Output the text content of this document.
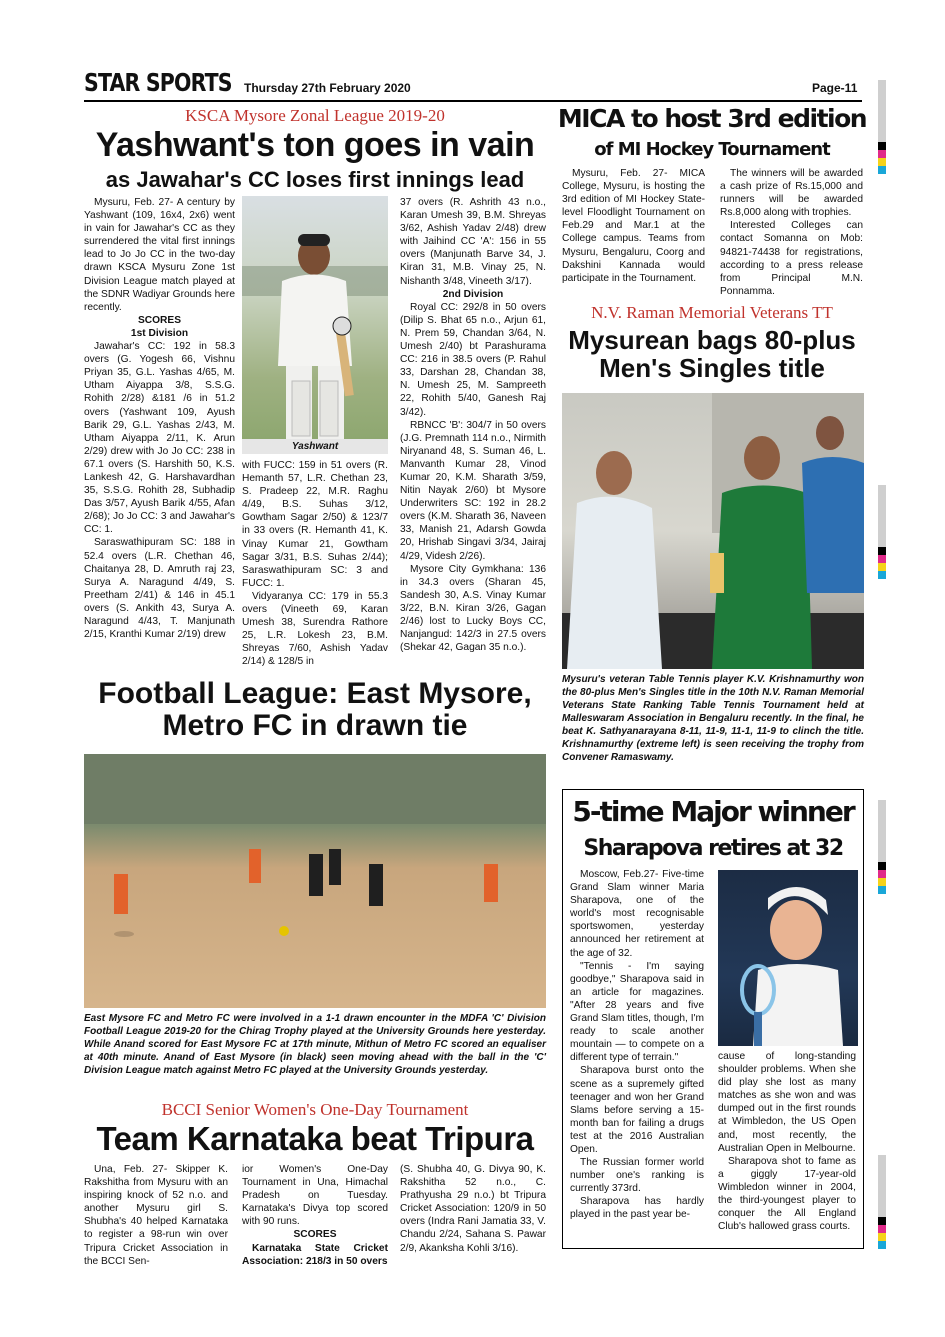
STAR SPORTS Thursday 27th February 2020	Page-11
KSCA Mysore Zonal League 2019-20
Yashwant's ton goes in vain
as Jawahar's CC loses first innings lead

Mysuru, Feb. 27- A century by Yashwant (109, 16x4, 2x6) went in vain for Jawahar's CC as they surrendered the vital first innings lead to Jo Jo CC in the two-day drawn KSCA Mysuru Zone 1st Division League match played at the SDNR Wadiyar Grounds here recently.

SCORES

1st Division

Jawahar's CC: 192 in 58.3 overs (G. Yogesh 66, Vishnu Priyan 35, G.L. Yashas 4/65, M. Utham Aiyappa 3/8, S.S.G. Rohith 2/28) &181 /6 in 51.2 overs (Yashwant 109, Ayush Barik 29, G.L. Yashas 2/43, M. Utham Aiyappa 2/11, K. Arun 2/29) drew with Jo Jo CC: 238 in 67.1 overs (S. Harshith 50, K.S. Lankesh 42, G. Harshavardhan 35, S.S.G. Rohith 28, Subhadip Das 3/57, Ayush Barik 4/55, Afan 2/68); Jo Jo CC: 3 and Jawahar's CC: 1.

Saraswathipuram SC: 188 in 52.4 overs (L.R. Chethan 46, Chaitanya 28, D. Amruth raj 23, Surya A. Naragund 4/49, S. Preetham 2/41) & 146 in 45.1 overs (S. Ankith 43, Surya A. Naragund 4/43, T. Manjunath 2/15, Kranthi Kumar 2/19) drew

Yashwant

with FUCC: 159 in 51 overs (R. Hemanth 57, L.R. Chethan 23, S. Pradeep 22, M.R. Raghu 4/49, B.S. Suhas 3/12, Gowtham Sagar 2/50) & 123/7 in 33 overs (R. Hemanth 41, K. Vinay Kumar 21, Gowtham Sagar 3/31, B.S. Suhas 2/44); Saraswathipuram SC: 3 and FUCC: 1.

Vidyaranya CC: 179 in 55.3 overs (Vineeth 69, Karan Umesh 38, Surendra Rathore 25, L.R. Lokesh 23, B.M. Shreyas 7/60, Ashish Yadav 2/14) & 128/5 in

37 overs (R. Ashrith 43 n.o., Karan Umesh 39, B.M. Shreyas 3/62, Ashish Yadav 2/48) drew with Jaihind CC 'A': 156 in 55 overs (Manjunath Barve 34, J. Kiran 31, M.B. Vinay 25, N. Nishanth 3/48, Vineeth 3/17).

2nd Division

Royal CC: 292/8 in 50 overs (Dilip S. Bhat 65 n.o., Arjun 61, N. Prem 59, Chandan 3/64, N. Umesh 2/40) bt Parashurama CC: 216 in 38.5 overs (P. Rahul 33, Darshan 28, Chandan 38, N. Umesh 25, M. Sampreeth 22, Rohith 5/40, Ganesh Raj 3/42).

RBNCC 'B': 304/7 in 50 overs (J.G. Premnath 114 n.o., Nirmith Niryanand 48, S. Suman 46, L. Manvanth Kumar 28, Vinod Kumar 20, K.M. Sharath 3/59, Nitin Nayak 2/60) bt Mysore Underwriters SC: 192 in 28.2 overs (K.M. Sharath 36, Naveen 33, Manish 21, Adarsh Gowda 20, Hrishab Singavi 3/34, Jairaj 4/29, Videsh 2/26).

Mysore City Gymkhana: 136 in 34.3 overs (Sharan 45, Sandesh 30, A.S. Vinay Kumar 3/22, B.N. Kiran 3/26, Gagan 2/46) lost to Lucky Boys CC, Nanjangud: 142/3 in 27.5 overs (Shekar 42, Gagan 35 n.o.).

MICA to host 3rd edition
of MI Hockey Tournament

Mysuru, Feb. 27- MICA College, Mysuru, is hosting the 3rd edition of MI Hockey State-level Floodlight Tournament on Feb.29 and Mar.1 at the College campus. Teams from Mysuru, Bengaluru, Coorg and Dakshini Kannada would participate in the Tournament.

The winners will be awarded a cash prize of Rs.15,000 and runners will be awarded Rs.8,000 along with trophies.

Interested Colleges can contact Somanna on Mob: 94821-74438 for registrations, according to a press release from Principal M.N. Ponnamma.

N.V. Raman Memorial Veterans TT
Mysurean bags 80-plus Men's Singles title
Mysuru's veteran Table Tennis player K.V. Krishnamurthy won the 80-plus Men's Singles title in the 10th N.V. Raman Memorial Veterans State Ranking Table Tennis Tournament held at Malleswaram Association in Bengaluru recently. In the final, he beat K. Sathyanarayana 8-11, 11-9, 11-1, 11-9 to clinch the title. Krishnamurthy (extreme left) is seen receiving the trophy from Convener Ramaswamy.
Football League: East Mysore, Metro FC in drawn tie
East Mysore FC and Metro FC were involved in a 1-1 drawn encounter in the MDFA 'C' Division Football League 2019-20 for the Chirag Trophy played at the University Grounds here yesterday. While Anand scored for East Mysore FC at 17th minute, Mithun of Metro FC scored an equaliser at 40th minute. Anand of East Mysore (in black) seen moving ahead with the ball in the 'C' Division League match against Metro FC played at the University Grounds yesterday.
5-time Major winner
Sharapova retires at 32

Moscow, Feb.27- Five-time Grand Slam winner Maria Sharapova, one of the world's most recognisable sportswomen, yesterday announced her retirement at the age of 32.

"Tennis - I'm saying goodbye," Sharapova said in an article for magazines. "After 28 years and five Grand Slam titles, though, I'm ready to scale another mountain — to compete on a different type of terrain."

Sharapova burst onto the scene as a supremely gifted teenager and won her Grand Slams before serving a 15-month ban for failing a drugs test at the 2016 Australian Open.

The Russian former world number one's ranking is currently 373rd.

Sharapova has hardly played in the past year be-

cause of long-standing shoulder problems. When she did play she lost as many matches as she won and was dumped out in the first rounds at Wimbledon, the US Open and, most recently, the Australian Open in Melbourne.

Sharapova shot to fame as a giggly 17-year-old Wimbledon winner in 2004, the third-youngest player to conquer the All England Club's hallowed grass courts.

BCCI Senior Women's One-Day Tournament
Team Karnataka beat Tripura

Una, Feb. 27- Skipper K. Rakshitha from Mysuru with an inspiring knock of 52 n.o. and another Mysuru girl S. Shubha's 40 helped Karnataka to register a 98-run win over Tripura Cricket Association in the BCCI Sen-

ior Women's One-Day Tournament in Una, Himachal Pradesh on Tuesday. Karnataka's Divya top scored with 90 runs.

SCORES

Karnataka State Cricket Association: 218/3 in 50 overs

(S. Shubha 40, G. Divya 90, K. Rakshitha 52 n.o., C. Prathyusha 29 n.o.) bt Tripura Cricket Association: 120/9 in 50 overs (Indra Rani Jamatia 33, V. Chandu 2/24, Sahana S. Pawar 2/9, Akanksha Kohli 3/16).
